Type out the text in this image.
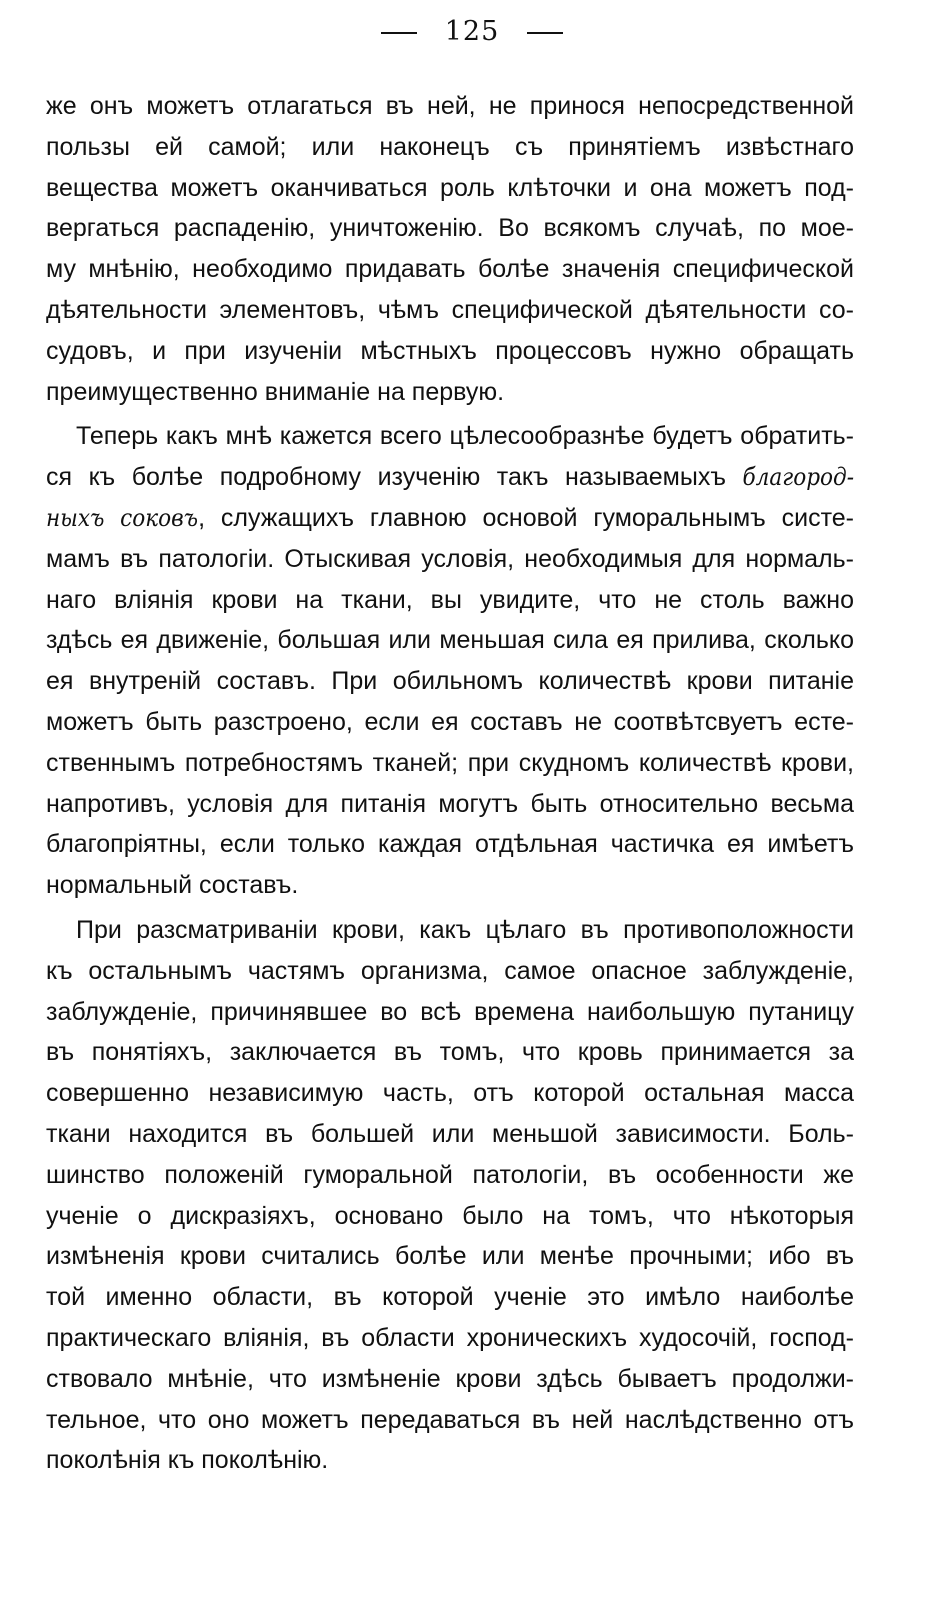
125
же онъ можетъ отлагаться въ ней, не принося непосредственной
пользы ей самой; или наконецъ съ принятіемъ извѣстнаго
вещества можетъ оканчиваться роль клѣточки и она можетъ под-
вергаться распаденію, уничтоженію. Во всякомъ случаѣ, по мое-
му мнѣнію, необходимо придавать болѣе значенія специфической
дѣятельности элементовъ, чѣмъ специфической дѣятельности со-
судовъ, и при изученіи мѣстныхъ процессовъ нужно обращать
преимущественно вниманіе на первую.
Теперь какъ мнѣ кажется всего цѣлесообразнѣе будетъ обратить-
ся къ болѣе подробному изученію такъ называемыхъ благород-
ныхъ соковъ, служащихъ главною основой гуморальнымъ систе-
мамъ въ патологіи. Отыскивая условія, необходимыя для нормаль-
наго вліянія крови на ткани, вы увидите, что не столь важно
здѣсь ея движеніе, большая или меньшая сила ея прилива, сколько
ея внутреній составъ. При обильномъ количествѣ крови питаніе
можетъ быть разстроено, если ея составъ не соотвѣтсвуетъ есте-
ственнымъ потребностямъ тканей; при скудномъ количествѣ крови,
напротивъ, условія для питанія могутъ быть относительно весьма
благопріятны, если только каждая отдѣльная частичка ея имѣетъ
нормальный составъ.
При разсматриваніи крови, какъ цѣлаго въ противоположности
къ остальнымъ частямъ организма, самое опасное заблужденіе,
заблужденіе, причинявшее во всѣ времена наибольшую путаницу
въ понятіяхъ, заключается въ томъ, что кровь принимается за
совершенно независимую часть, отъ которой остальная масса
ткани находится въ большей или меньшой зависимости. Боль-
шинство положеній гуморальной патологіи, въ особенности же
ученіе о дискразіяхъ, основано было на томъ, что нѣкоторыя
измѣненія крови считались болѣе или менѣе прочными; ибо въ
той именно области, въ которой ученіе это имѣло наиболѣе
практическаго вліянія, въ области хроническихъ худосочій, господ-
ствовало мнѣніе, что измѣненіе крови здѣсь бываетъ продолжи-
тельное, что оно можетъ передаваться въ ней наслѣдственно отъ
поколѣнія къ поколѣнію.
